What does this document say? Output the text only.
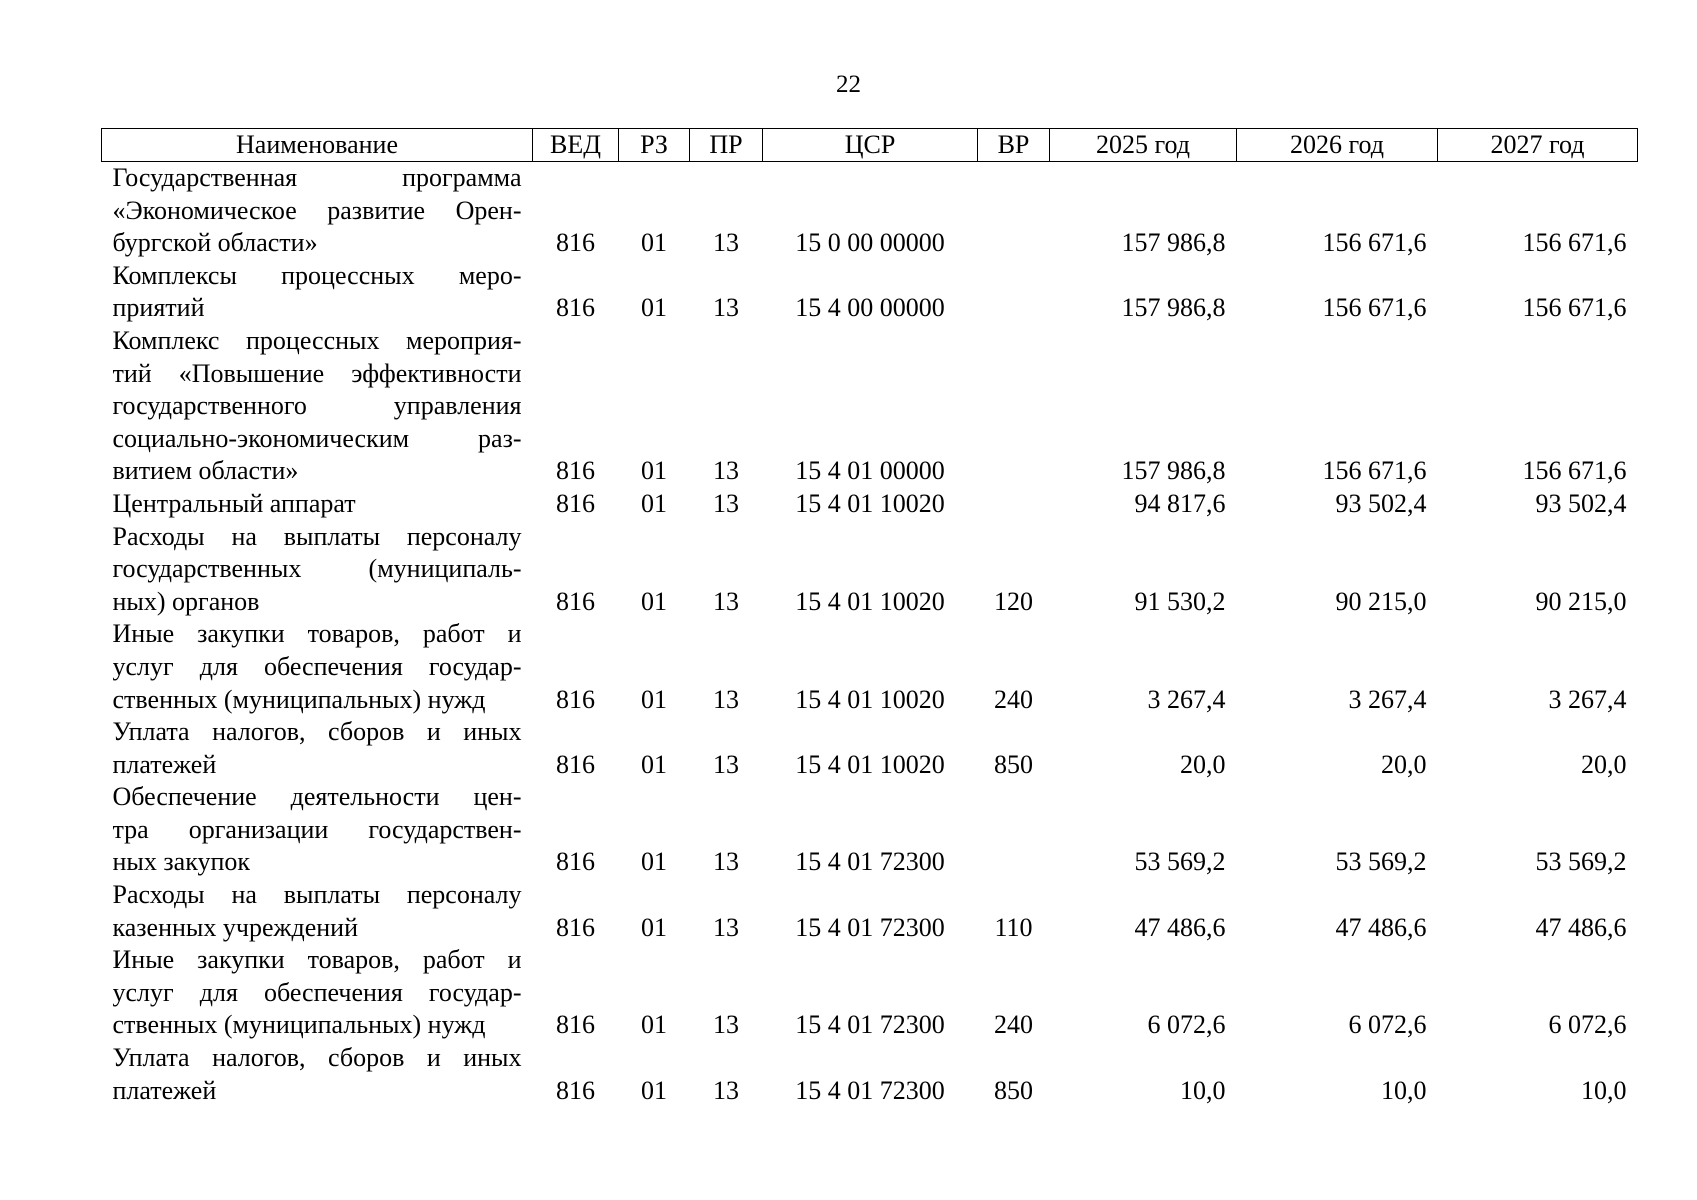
22
Наименование	ВЕД	РЗ	ПР	ЦСР	ВР	2025 год	2026 год	2027 год

Государственная программа
«Экономическое развитие Орен-
бургской области»	816	01	13	15 0 00 00000		157 986,8	156 671,6	156 671,6

Комплексы процессных меро-
приятий	816	01	13	15 4 00 00000		157 986,8	156 671,6	156 671,6

Комплекс процессных мероприя-
тий «Повышение эффективности
государственного управления
социально-экономическим раз-
витием области»	816	01	13	15 4 01 00000		157 986,8	156 671,6	156 671,6

Центральный аппарат	816	01	13	15 4 01 10020		94 817,6	93 502,4	93 502,4

Расходы на выплаты персоналу
государственных (муниципаль-
ных) органов	816	01	13	15 4 01 10020	120	91 530,2	90 215,0	90 215,0

Иные закупки товаров, работ и
услуг для обеспечения государ-
ственных (муниципальных) нужд	816	01	13	15 4 01 10020	240	3 267,4	3 267,4	3 267,4

Уплата налогов, сборов и иных
платежей	816	01	13	15 4 01 10020	850	20,0	20,0	20,0

Обеспечение деятельности цен-
тра организации государствен-
ных закупок	816	01	13	15 4 01 72300		53 569,2	53 569,2	53 569,2

Расходы на выплаты персоналу
казенных учреждений	816	01	13	15 4 01 72300	110	47 486,6	47 486,6	47 486,6

Иные закупки товаров, работ и
услуг для обеспечения государ-
ственных (муниципальных) нужд	816	01	13	15 4 01 72300	240	6 072,6	6 072,6	6 072,6

Уплата налогов, сборов и иных
платежей	816	01	13	15 4 01 72300	850	10,0	10,0	10,0
